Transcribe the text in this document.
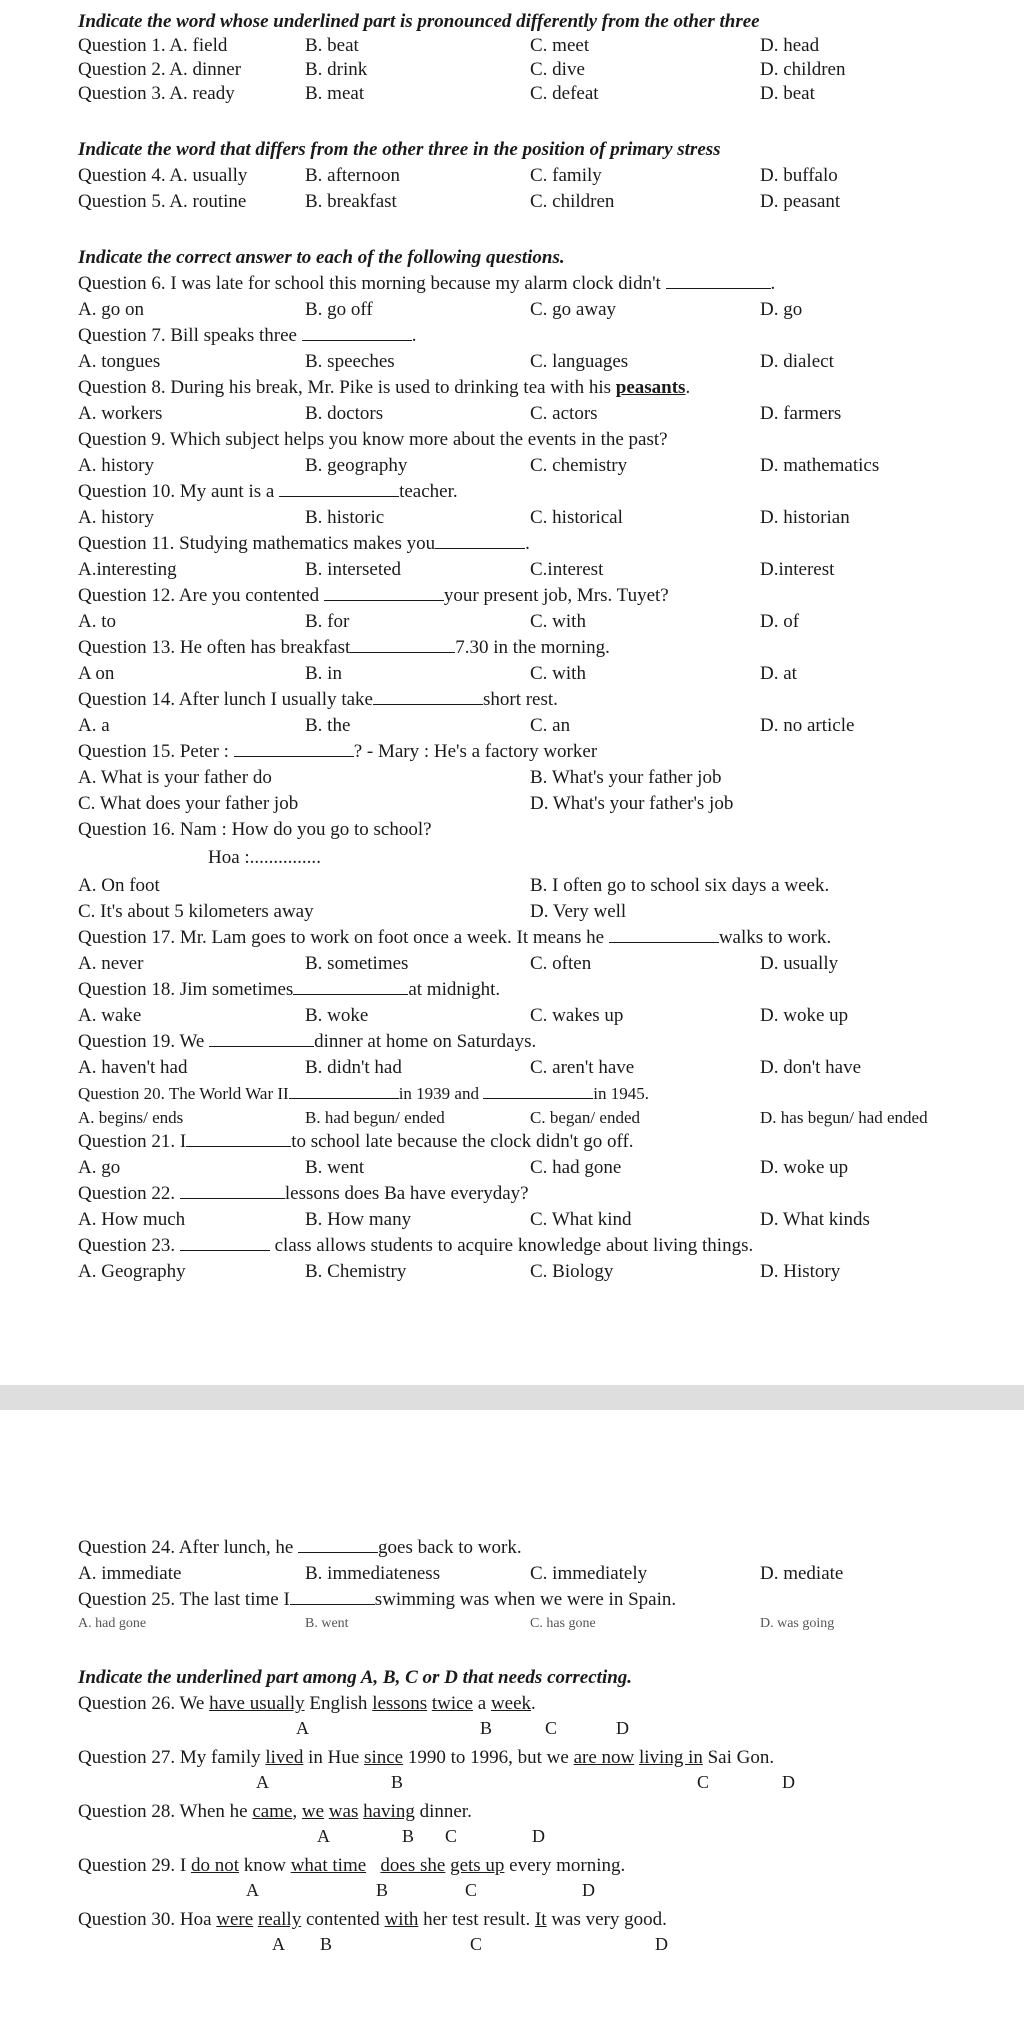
Indicate the word whose underlined part is pronounced differently from the other three
Question 1. A. field	B. beat	C. meet	D. head
Question 2. A. dinner	B. drink	C. dive	D. children
Question 3. A. ready	B. meat	C. defeat	D. beat
Indicate the word that differs from the other three in the position of primary stress
Question 4. A. usually	B. afternoon	C. family	D. buffalo
Question 5. A. routine	B. breakfast	C. children	D. peasant
Indicate the correct answer to each of the following questions.
Question 6. I was late for school this morning because my alarm clock didn't	.
A. go on	B. go off	C. go away	D. go
Question 7. Bill speaks three	.
A. tongues	B. speeches	C. languages	D. dialect
Question 8. During his break, Mr. Pike is used to drinking tea with his peasants.
A. workers	B. doctors	C. actors	D. farmers
Question 9. Which subject helps you know more about the events in the past?
A. history	B. geography	C. chemistry	D. mathematics
Question 10. My aunt is a	teacher.
A. history	B. historic	C. historical	D. historian
Question 11. Studying mathematics makes you	.
A.interesting	B. interseted	C.interest	D.interest
Question 12. Are you contented	your present job, Mrs. Tuyet?
A. to	B. for	C. with	D. of
Question 13. He often has breakfast	7.30 in the morning.
A on	B. in	C. with	D. at
Question 14. After lunch I usually take	short rest.
A. a	B. the	C. an	D. no article
Question 15. Peter :	? - Mary : He's a factory worker
A. What is your father do	B. What's your father job
C. What does your father job	D. What's your father's job
Question 16. Nam : How do you go to school?
Hoa :...............
A. On foot	B. I often go to school six days a week.
C. It's about 5 kilometers away	D. Very well
Question 17. Mr. Lam goes to work on foot once a week. It means he	walks to work.
A. never	B. sometimes	C. often	D. usually
Question 18. Jim sometimes	at midnight.
A. wake	B. woke	C. wakes up	D. woke up
Question 19. We	dinner at home on Saturdays.
A. haven't had	B. didn't had	C. aren't have	D. don't have
Question 20. The World War II	in 1939 and	in 1945.
A. begins/ ends	B. had begun/ ended	C. began/ ended	D. has begun/ had ended
Question 21. I	to school late because the clock didn't go off.
A. go	B. went	C. had gone	D. woke up
Question 22.	lessons does Ba have everyday?
A. How much	B. How many	C. What kind	D. What kinds
Question 23.	class allows students to acquire knowledge about living things.
A. Geography	B. Chemistry	C. Biology	D. History
Question 24. After lunch, he	goes back to work.
A. immediate	B. immediateness	C. immediately	D. mediate
Question 25. The last time I	swimming was when we were in Spain.
A. had gone	B. went	C. has gone	D. was going
Indicate the underlined part among A, B, C or D that needs correcting.
Question 26. We have usually English lessons twice a week.
A	B	C	D
Question 27. My family lived in Hue since 1990 to 1996, but we are now living in Sai Gon.
A	B	C	D
Question 28. When he came, we was having dinner.
A	B C	D
Question 29. I do not know what time does she gets up every morning.
A	B	C	D
Question 30. Hoa were really contented with her test result. It was very good.
A B	C	D
